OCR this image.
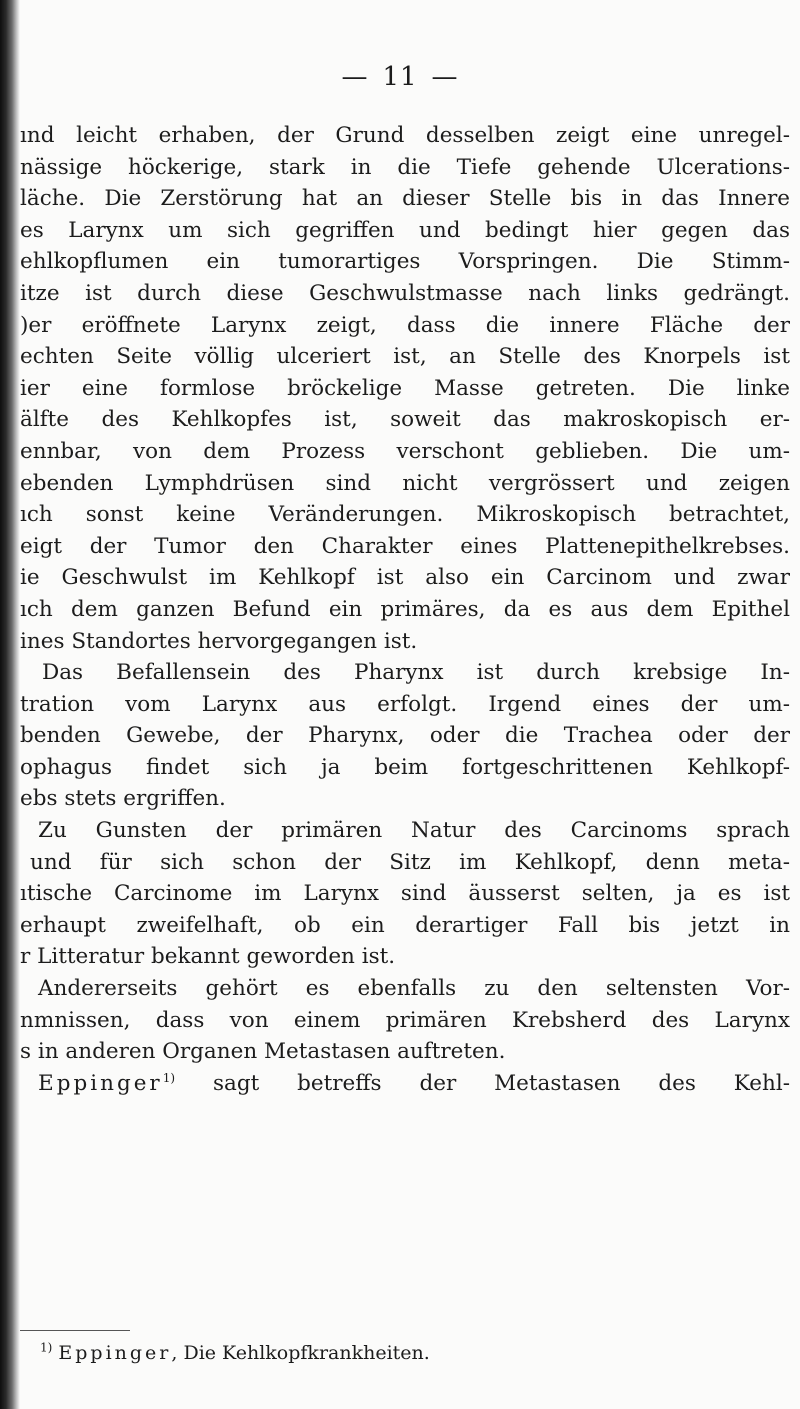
— 11 —
ınd leicht erhaben, der Grund desselben zeigt eine unregel-
nässige höckerige, stark in die Tiefe gehende Ulcerations-
läche. Die Zerstörung hat an dieser Stelle bis in das Innere
es Larynx um sich gegriffen und bedingt hier gegen das
ehlkopflumen ein tumorartiges Vorspringen. Die Stimm-
itze ist durch diese Geschwulstmasse nach links gedrängt.
)er eröffnete Larynx zeigt, dass die innere Fläche der
echten Seite völlig ulceriert ist, an Stelle des Knorpels ist
ier eine formlose bröckelige Masse getreten. Die linke
älfte des Kehlkopfes ist, soweit das makroskopisch er-
ennbar, von dem Prozess verschont geblieben. Die um-
ebenden Lymphdrüsen sind nicht vergrössert und zeigen
ıch sonst keine Veränderungen. Mikroskopisch betrachtet,
eigt der Tumor den Charakter eines Plattenepithelkrebses.
ie Geschwulst im Kehlkopf ist also ein Carcinom und zwar
ıch dem ganzen Befund ein primäres, da es aus dem Epithel
ines Standortes hervorgegangen ist.
Das Befallensein des Pharynx ist durch krebsige In-
tration vom Larynx aus erfolgt. Irgend eines der um-
benden Gewebe, der Pharynx, oder die Trachea oder der
ophagus findet sich ja beim fortgeschrittenen Kehlkopf-
ebs stets ergriffen.
Zu Gunsten der primären Natur des Carcinoms sprach
und für sich schon der Sitz im Kehlkopf, denn meta-
ıtische Carcinome im Larynx sind äusserst selten, ja es ist
erhaupt zweifelhaft, ob ein derartiger Fall bis jetzt in
r Litteratur bekannt geworden ist.
Andererseits gehört es ebenfalls zu den seltensten Vor-
nmnissen, dass von einem primären Krebsherd des Larynx
s in anderen Organen Metastasen auftreten.
Eppinger$^{1)}$ sagt betreffs der Metastasen des Kehl-
$^{1)}$ Eppinger, Die Kehlkopfkrankheiten.
